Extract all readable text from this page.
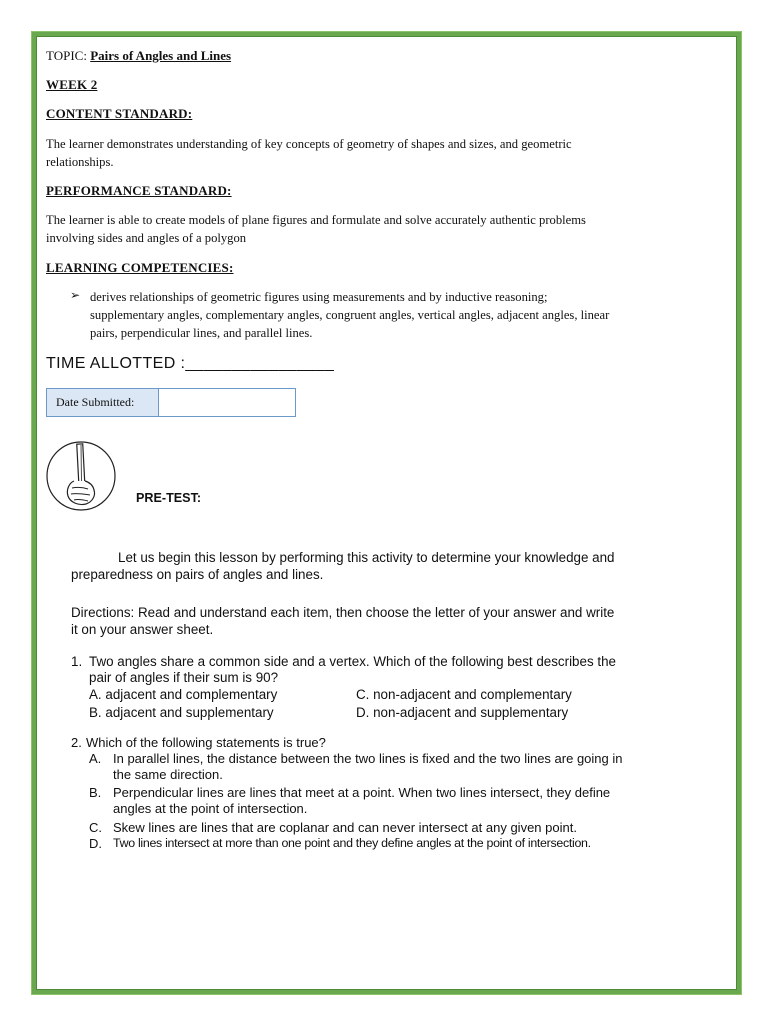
TOPIC: Pairs of Angles and Lines
WEEK 2
CONTENT STANDARD:
The learner demonstrates understanding of key concepts of geometry of shapes and sizes, and geometric
relationships.
PERFORMANCE STANDARD:
The learner is able to create models of plane figures and formulate and solve accurately authentic problems
involving sides and angles of a polygon
LEARNING COMPETENCIES:
➢ derives relationships of geometric figures using measurements and by inductive reasoning;
supplementary angles, complementary angles, congruent angles, vertical angles, adjacent angles, linear
pairs, perpendicular lines, and parallel lines.
TIME ALLOTTED :________________
Date Submitted:
PRE-TEST:
Let us begin this lesson by performing this activity to determine your knowledge and
preparedness on pairs of angles and lines.
Directions: Read and understand each item, then choose the letter of your answer and write
it on your answer sheet.
1. Two angles share a common side and a vertex. Which of the following best describes the
pair of angles if their sum is 90?
A. adjacent and complementary	C. non-adjacent and complementary
B. adjacent and supplementary	D. non-adjacent and supplementary
2. Which of the following statements is true?
A. In parallel lines, the distance between the two lines is fixed and the two lines are going in
the same direction.
B. Perpendicular lines are lines that meet at a point. When two lines intersect, they define
angles at the point of intersection.
C. Skew lines are lines that are coplanar and can never intersect at any given point.
D. Two lines intersect at more than one point and they define angles at the point of intersection.
